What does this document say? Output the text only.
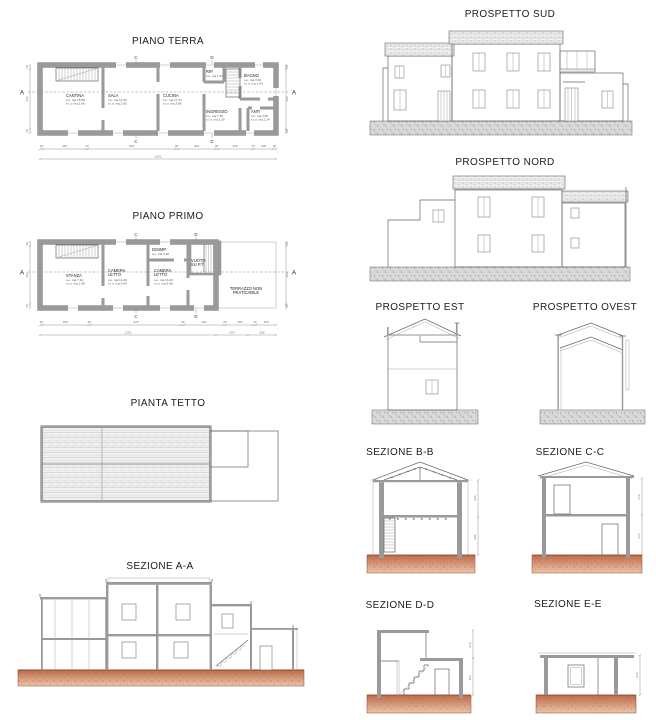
PIANO TERRA
A	A
C	D
C	D
CANTINA
s.u. mq 16.88
s.l.u. mq 2.86
SALA
s.u. mq 14.40
s.l.u. mq 2.05
CUCINA
s.u. mq 17.70
s.l.u. mq 3.80
RIP.
s.u. mq 1.47	BAGNO
s.u. mq 3.46
s.l.u. mq 1.34
INGRESSO
s.u. mq 7.90
s.l.u. mq 2.25
ANTI
s.u. mq 3.05
s.l.u. mq 1.24
28	460	28	925	28	400	28	360	25 200 28
1093
28
400
28
28
400
28
PIANO PRIMO
A	A
C	D
C	D
STANZA
s.u. mq 7.44
s.l.u. mq 1.38
CAMERA
LETTO
s.u. mq 14.40
s.l.u. mq 2.04
DISIMP.
s.u. mq 4.20
CAMERA
LETTO
s.u. mq 13.40
s.l.u. mq 2.08
VUOTO
SU P.T.
TERRAZZO NON
PRATICABILE
28	460	28	925	28	400	28	280	28 200
1202	264	306
28
400
28
28
400
28
PIANTA TETTO
SEZIONE A-A
PROSPETTO SUD
PROSPETTO NORD
PROSPETTO EST	PROSPETTO OVEST
SEZIONE B-B	SEZIONE C-C
260
280
270
270
SEZIONE D-D	SEZIONE E-E
270
300
270
